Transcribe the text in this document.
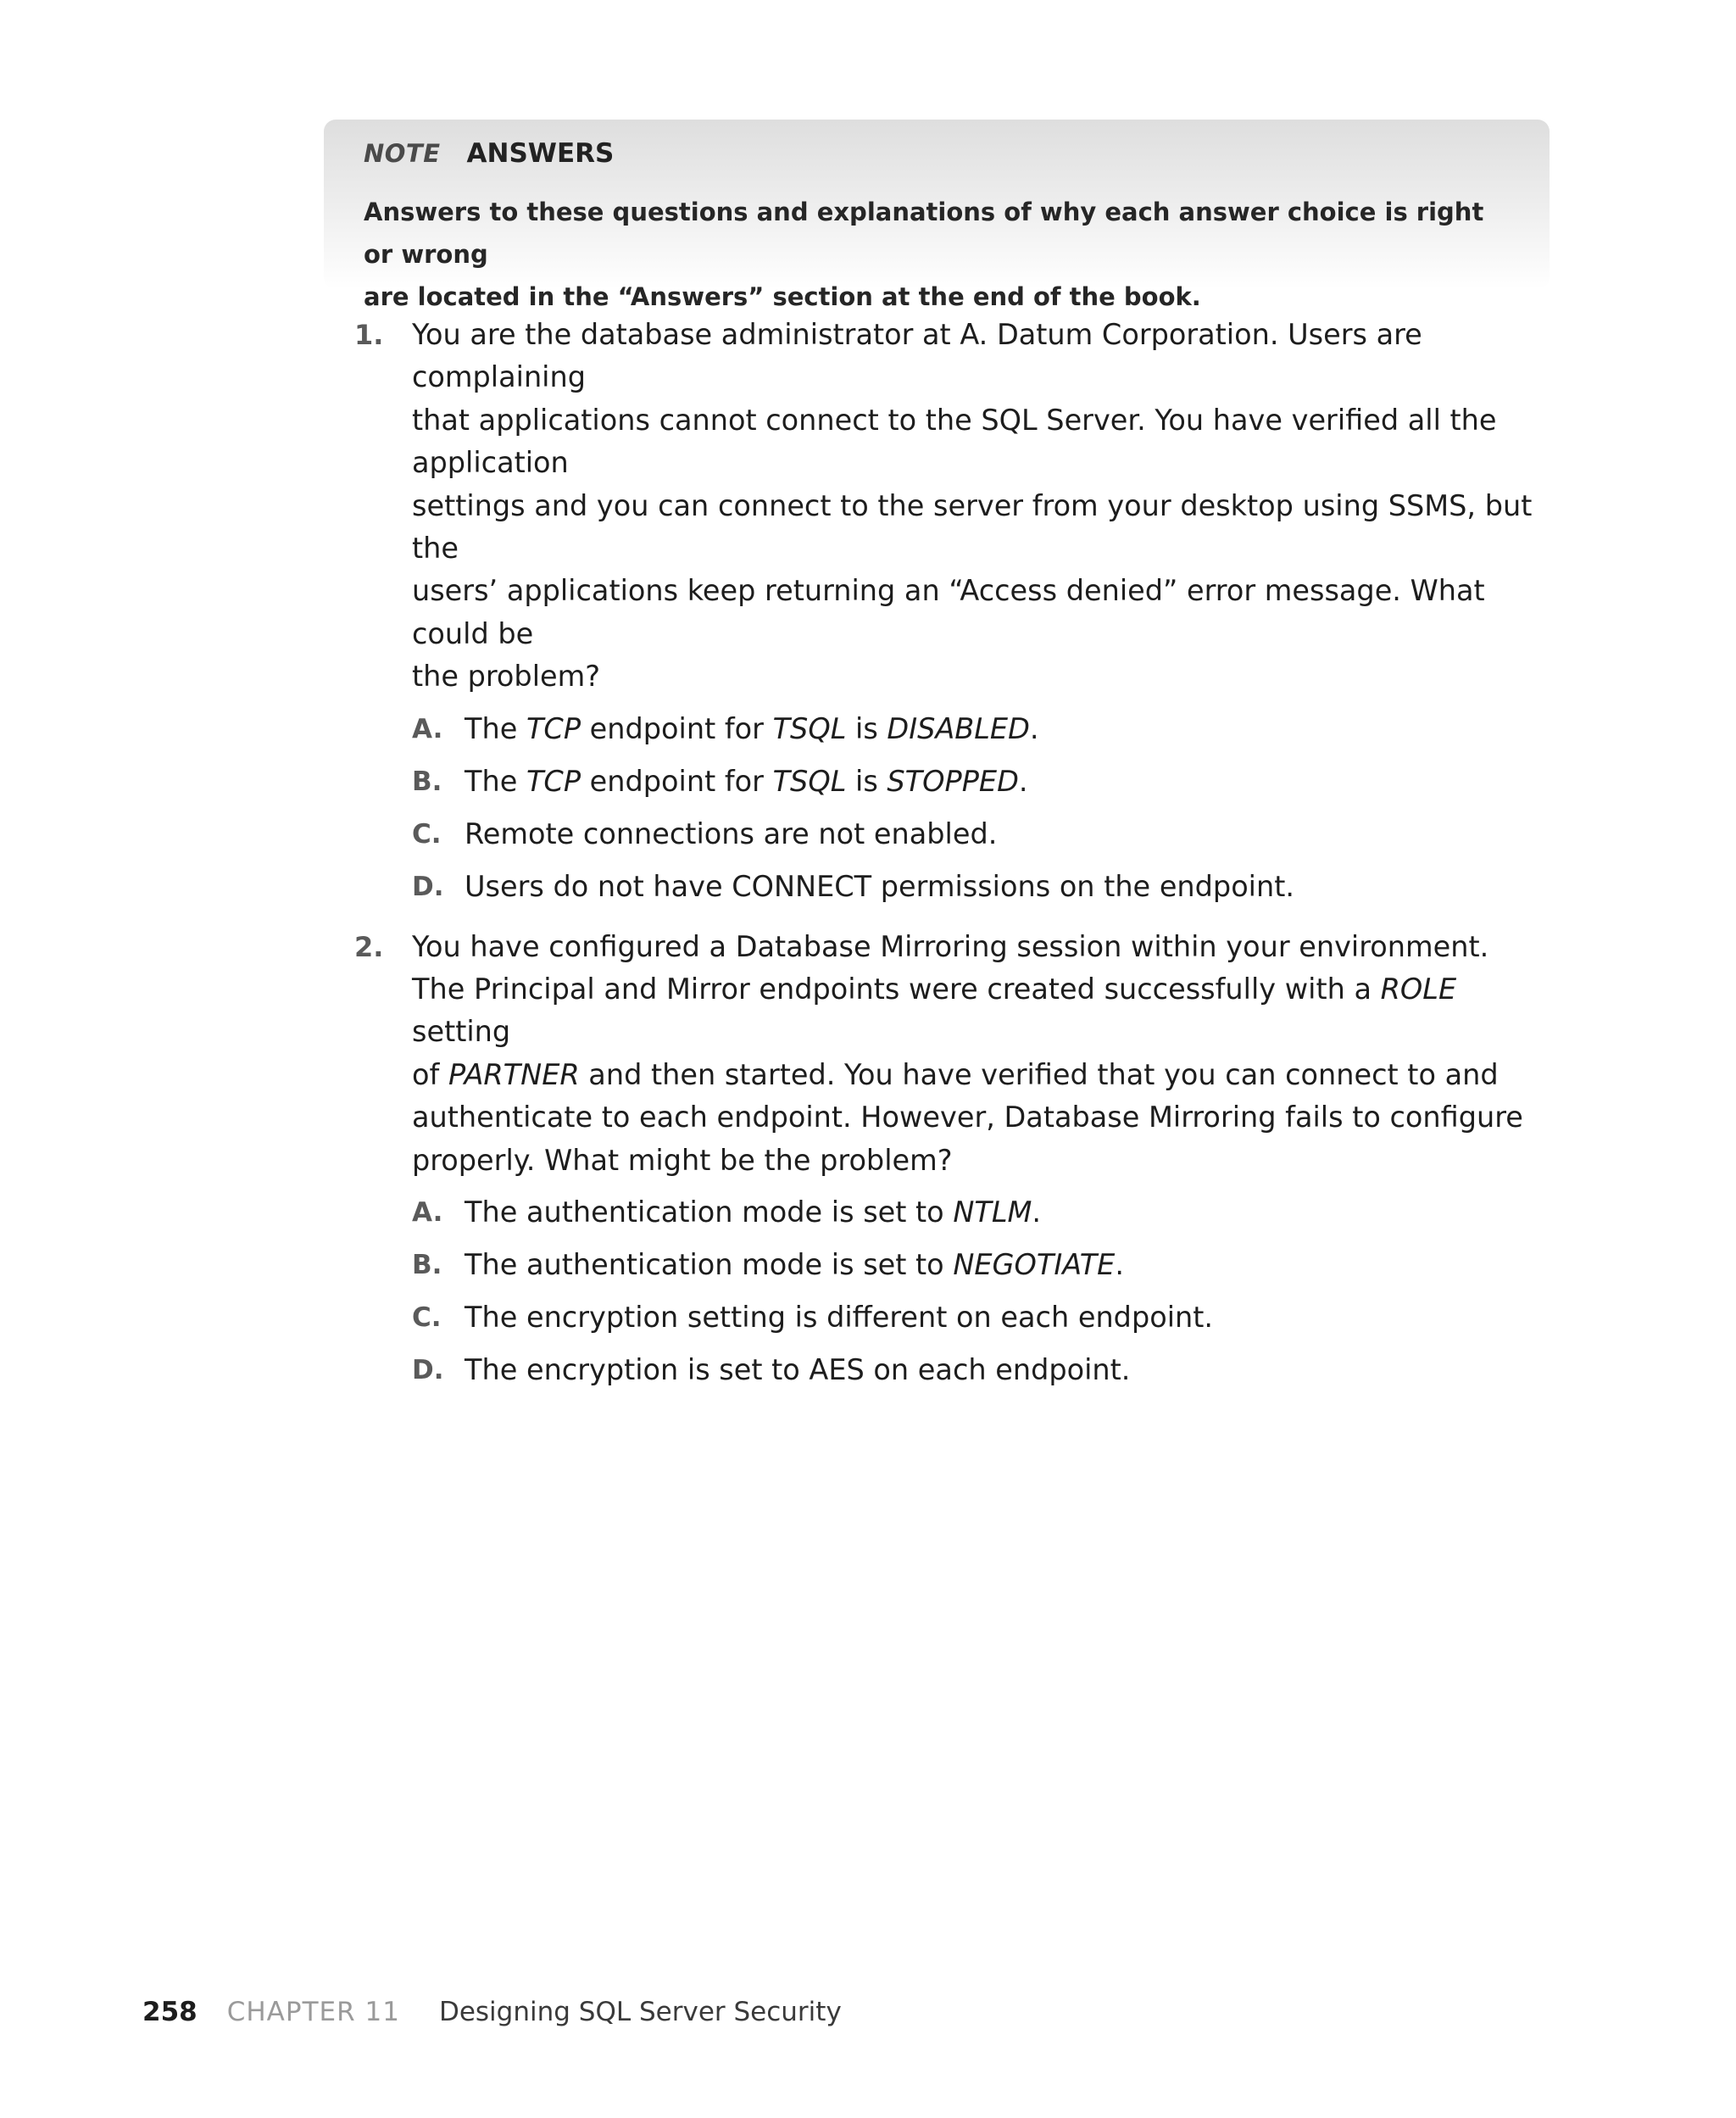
NOTE ANSWERS
Answers to these questions and explanations of why each answer choice is right or wrong
are located in the “Answers” section at the end of the book.
1. You are the database administrator at A. Datum Corporation. Users are complaining
that applications cannot connect to the SQL Server. You have verified all the application
settings and you can connect to the server from your desktop using SSMS, but the
users’ applications keep returning an “Access denied” error message. What could be
the problem?
A. The TCP endpoint for TSQL is DISABLED.
B. The TCP endpoint for TSQL is STOPPED.
C. Remote connections are not enabled.
D. Users do not have CONNECT permissions on the endpoint.
2. You have configured a Database Mirroring session within your environment.
The Principal and Mirror endpoints were created successfully with a ROLE setting
of PARTNER and then started. You have verified that you can connect to and
authenticate to each endpoint. However, Database Mirroring fails to configure
properly. What might be the problem?
A. The authentication mode is set to NTLM.
B. The authentication mode is set to NEGOTIATE.
C. The encryption setting is different on each endpoint.
D. The encryption is set to AES on each endpoint.
258 CHAPTER 11 Designing SQL Server Security
